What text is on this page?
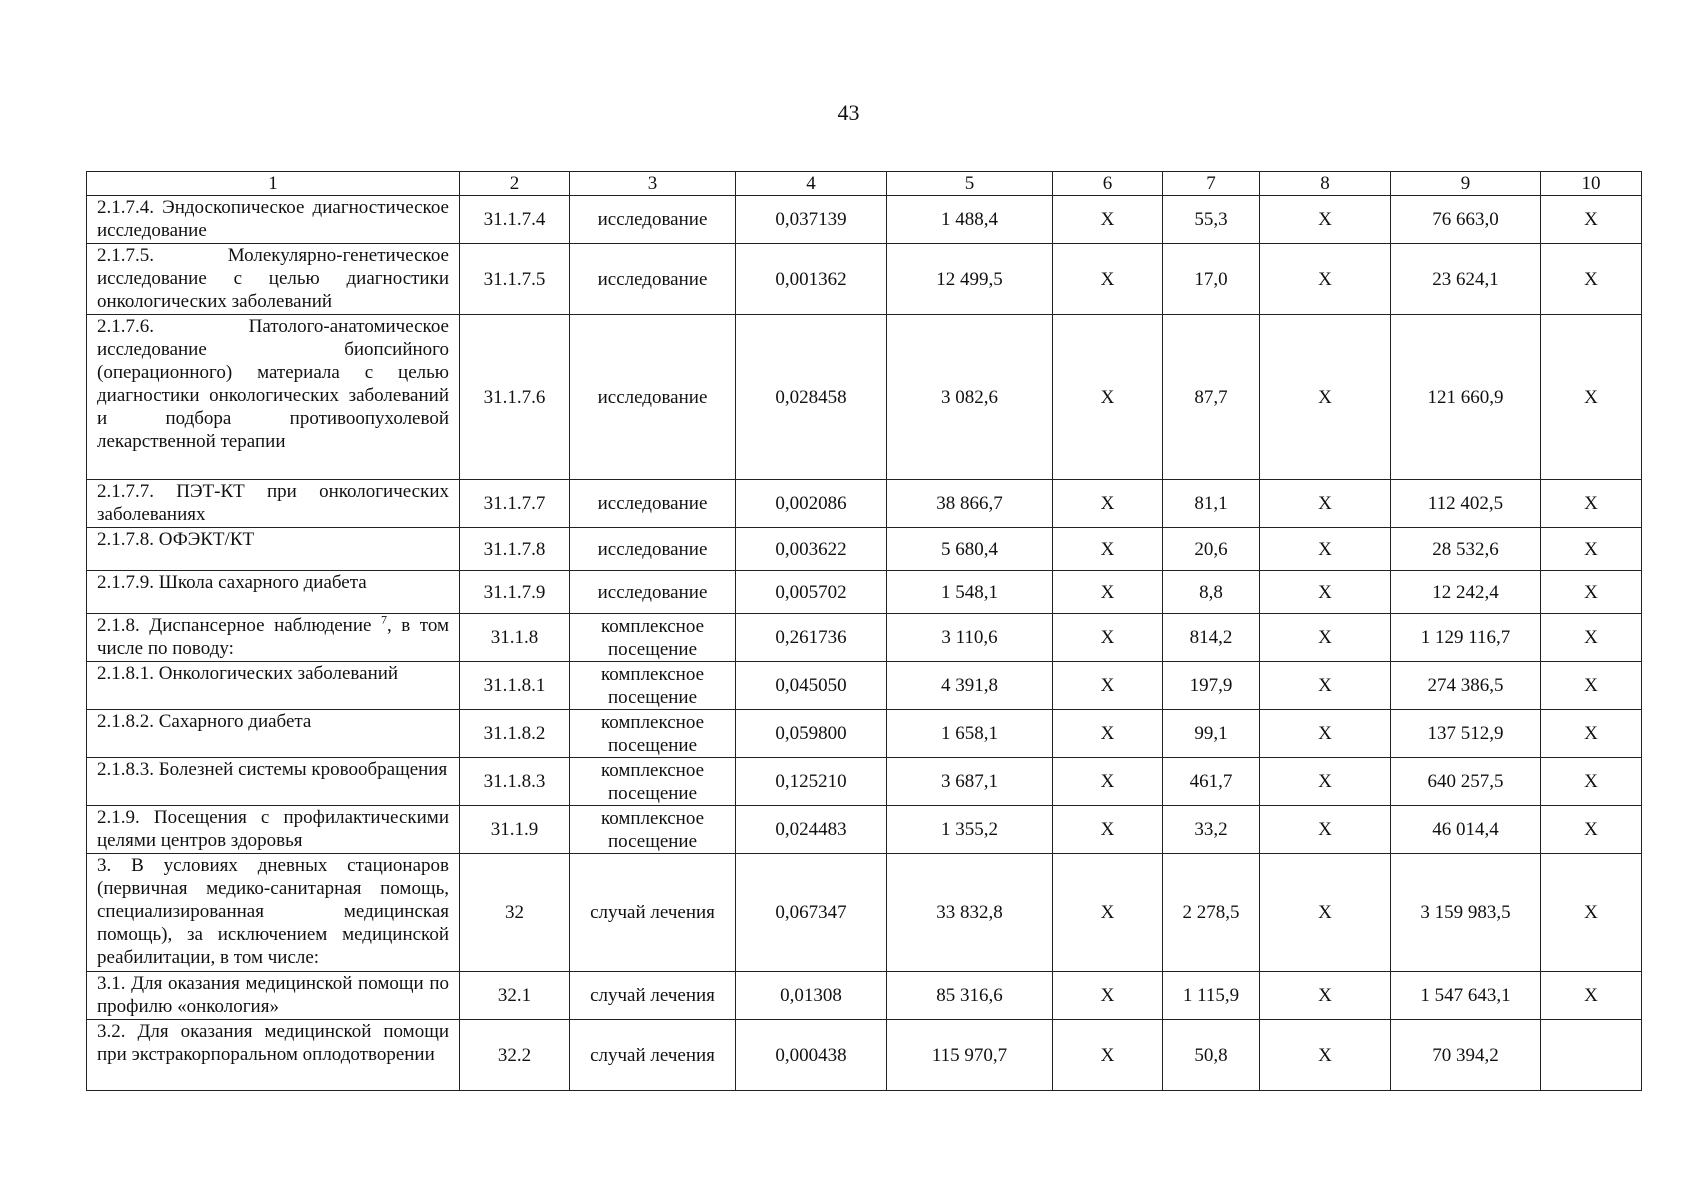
43
1	2	3	4	5	6	7	8	9	10
2.1.7.4. Эндоскопическое диагностическое исследование	31.1.7.4	исследование	0,037139	1 488,4	Х	55,3	Х	76 663,0	Х
2.1.7.5. Молекулярно-генетическое исследование с целью диагностики онкологических заболеваний	31.1.7.5	исследование	0,001362	12 499,5	Х	17,0	Х	23 624,1	Х
2.1.7.6. Патолого-анатомическое исследование биопсийного (операционного) материала с целью диагностики онкологических заболеваний и подбора противоопухолевой лекарственной терапии	31.1.7.6	исследование	0,028458	3 082,6	Х	87,7	Х	121 660,9	Х
2.1.7.7. ПЭТ-КТ при онкологических заболеваниях	31.1.7.7	исследование	0,002086	38 866,7	Х	81,1	Х	112 402,5	Х
2.1.7.8. ОФЭКТ/КТ	31.1.7.8	исследование	0,003622	5 680,4	Х	20,6	Х	28 532,6	Х
2.1.7.9. Школа сахарного диабета	31.1.7.9	исследование	0,005702	1 548,1	Х	8,8	Х	12 242,4	Х
2.1.8. Диспансерное наблюдение $^7$, в том числе по поводу:	31.1.8	комплексное посещение	0,261736	3 110,6	Х	814,2	Х	1 129 116,7	Х
2.1.8.1. Онкологических заболеваний	31.1.8.1	комплексное посещение	0,045050	4 391,8	Х	197,9	Х	274 386,5	Х
2.1.8.2. Сахарного диабета	31.1.8.2	комплексное посещение	0,059800	1 658,1	Х	99,1	Х	137 512,9	Х
2.1.8.3. Болезней системы кровообращения	31.1.8.3	комплексное посещение	0,125210	3 687,1	Х	461,7	Х	640 257,5	Х
2.1.9. Посещения с профилактическими целями центров здоровья	31.1.9	комплексное посещение	0,024483	1 355,2	Х	33,2	Х	46 014,4	Х
3. В условиях дневных стационаров (первичная медико-санитарная помощь, специализированная медицинская помощь), за исключением медицинской реабилитации, в том числе:	32	случай лечения	0,067347	33 832,8	Х	2 278,5	Х	3 159 983,5	Х
3.1. Для оказания медицинской помощи по профилю «онкология»	32.1	случай лечения	0,01308	85 316,6	Х	1 115,9	Х	1 547 643,1	Х
3.2. Для оказания медицинской помощи при экстракорпоральном оплодотворении	32.2	случай лечения	0,000438	115 970,7	Х	50,8	Х	70 394,2	
